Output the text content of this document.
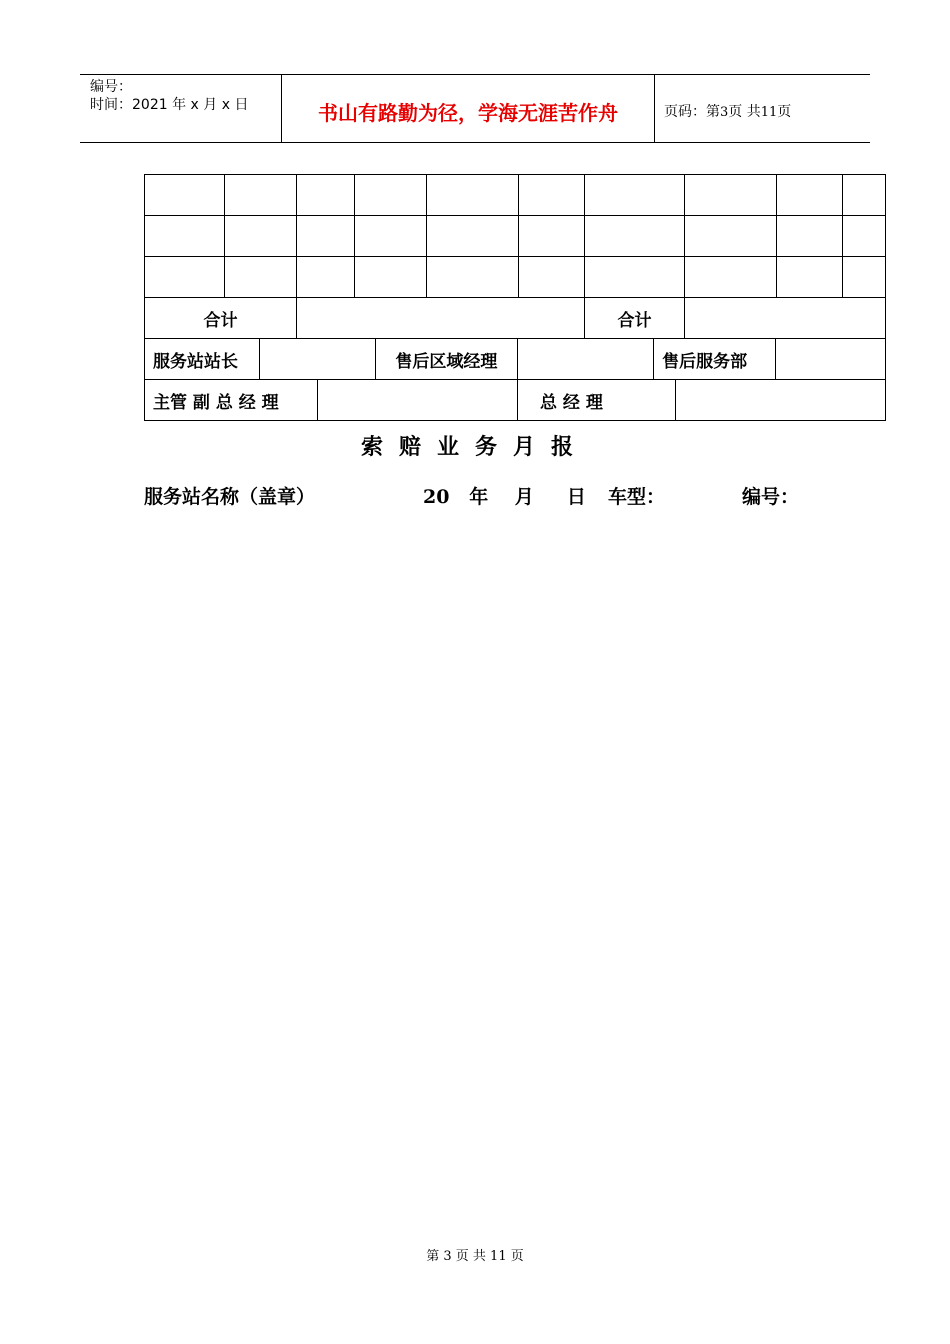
编号：
时间：2021 年 x 月 x 日	书山有路勤为径，学海无涯苦作舟	页码：第3页 共11页

合计		合计	

服务站站长		售后区域经理		售后服务部	

主管 副 总 经 理		总 经 理	
索赔业务月报
服务站名称（盖章）	20   年    月     日 车型：	编号：
第 3 页 共 11 页
